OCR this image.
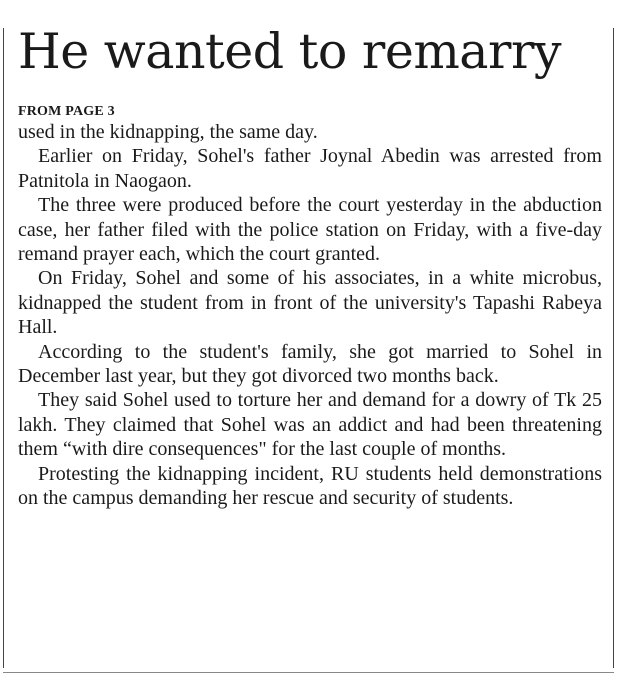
He wanted to remarry
FROM PAGE 3

used in the kidnapping, the same day.

Earlier on Friday, Sohel's father Joynal Abedin was arrested from Patnitola in Naogaon.

The three were produced before the court yesterday in the abduction case, her father filed with the police station on Friday, with a five-day remand prayer each, which the court granted.

On Friday, Sohel and some of his associates, in a white microbus, kidnapped the student from in front of the university's Tapashi Rabeya Hall.

According to the student's family, she got married to Sohel in December last year, but they got divorced two months back.

They said Sohel used to torture her and demand for a dowry of Tk 25 lakh. They claimed that Sohel was an addict and had been threatening them “with dire consequences" for the last couple of months.

Protesting the kidnapping incident, RU students held demonstrations on the campus demanding her rescue and security of students.
